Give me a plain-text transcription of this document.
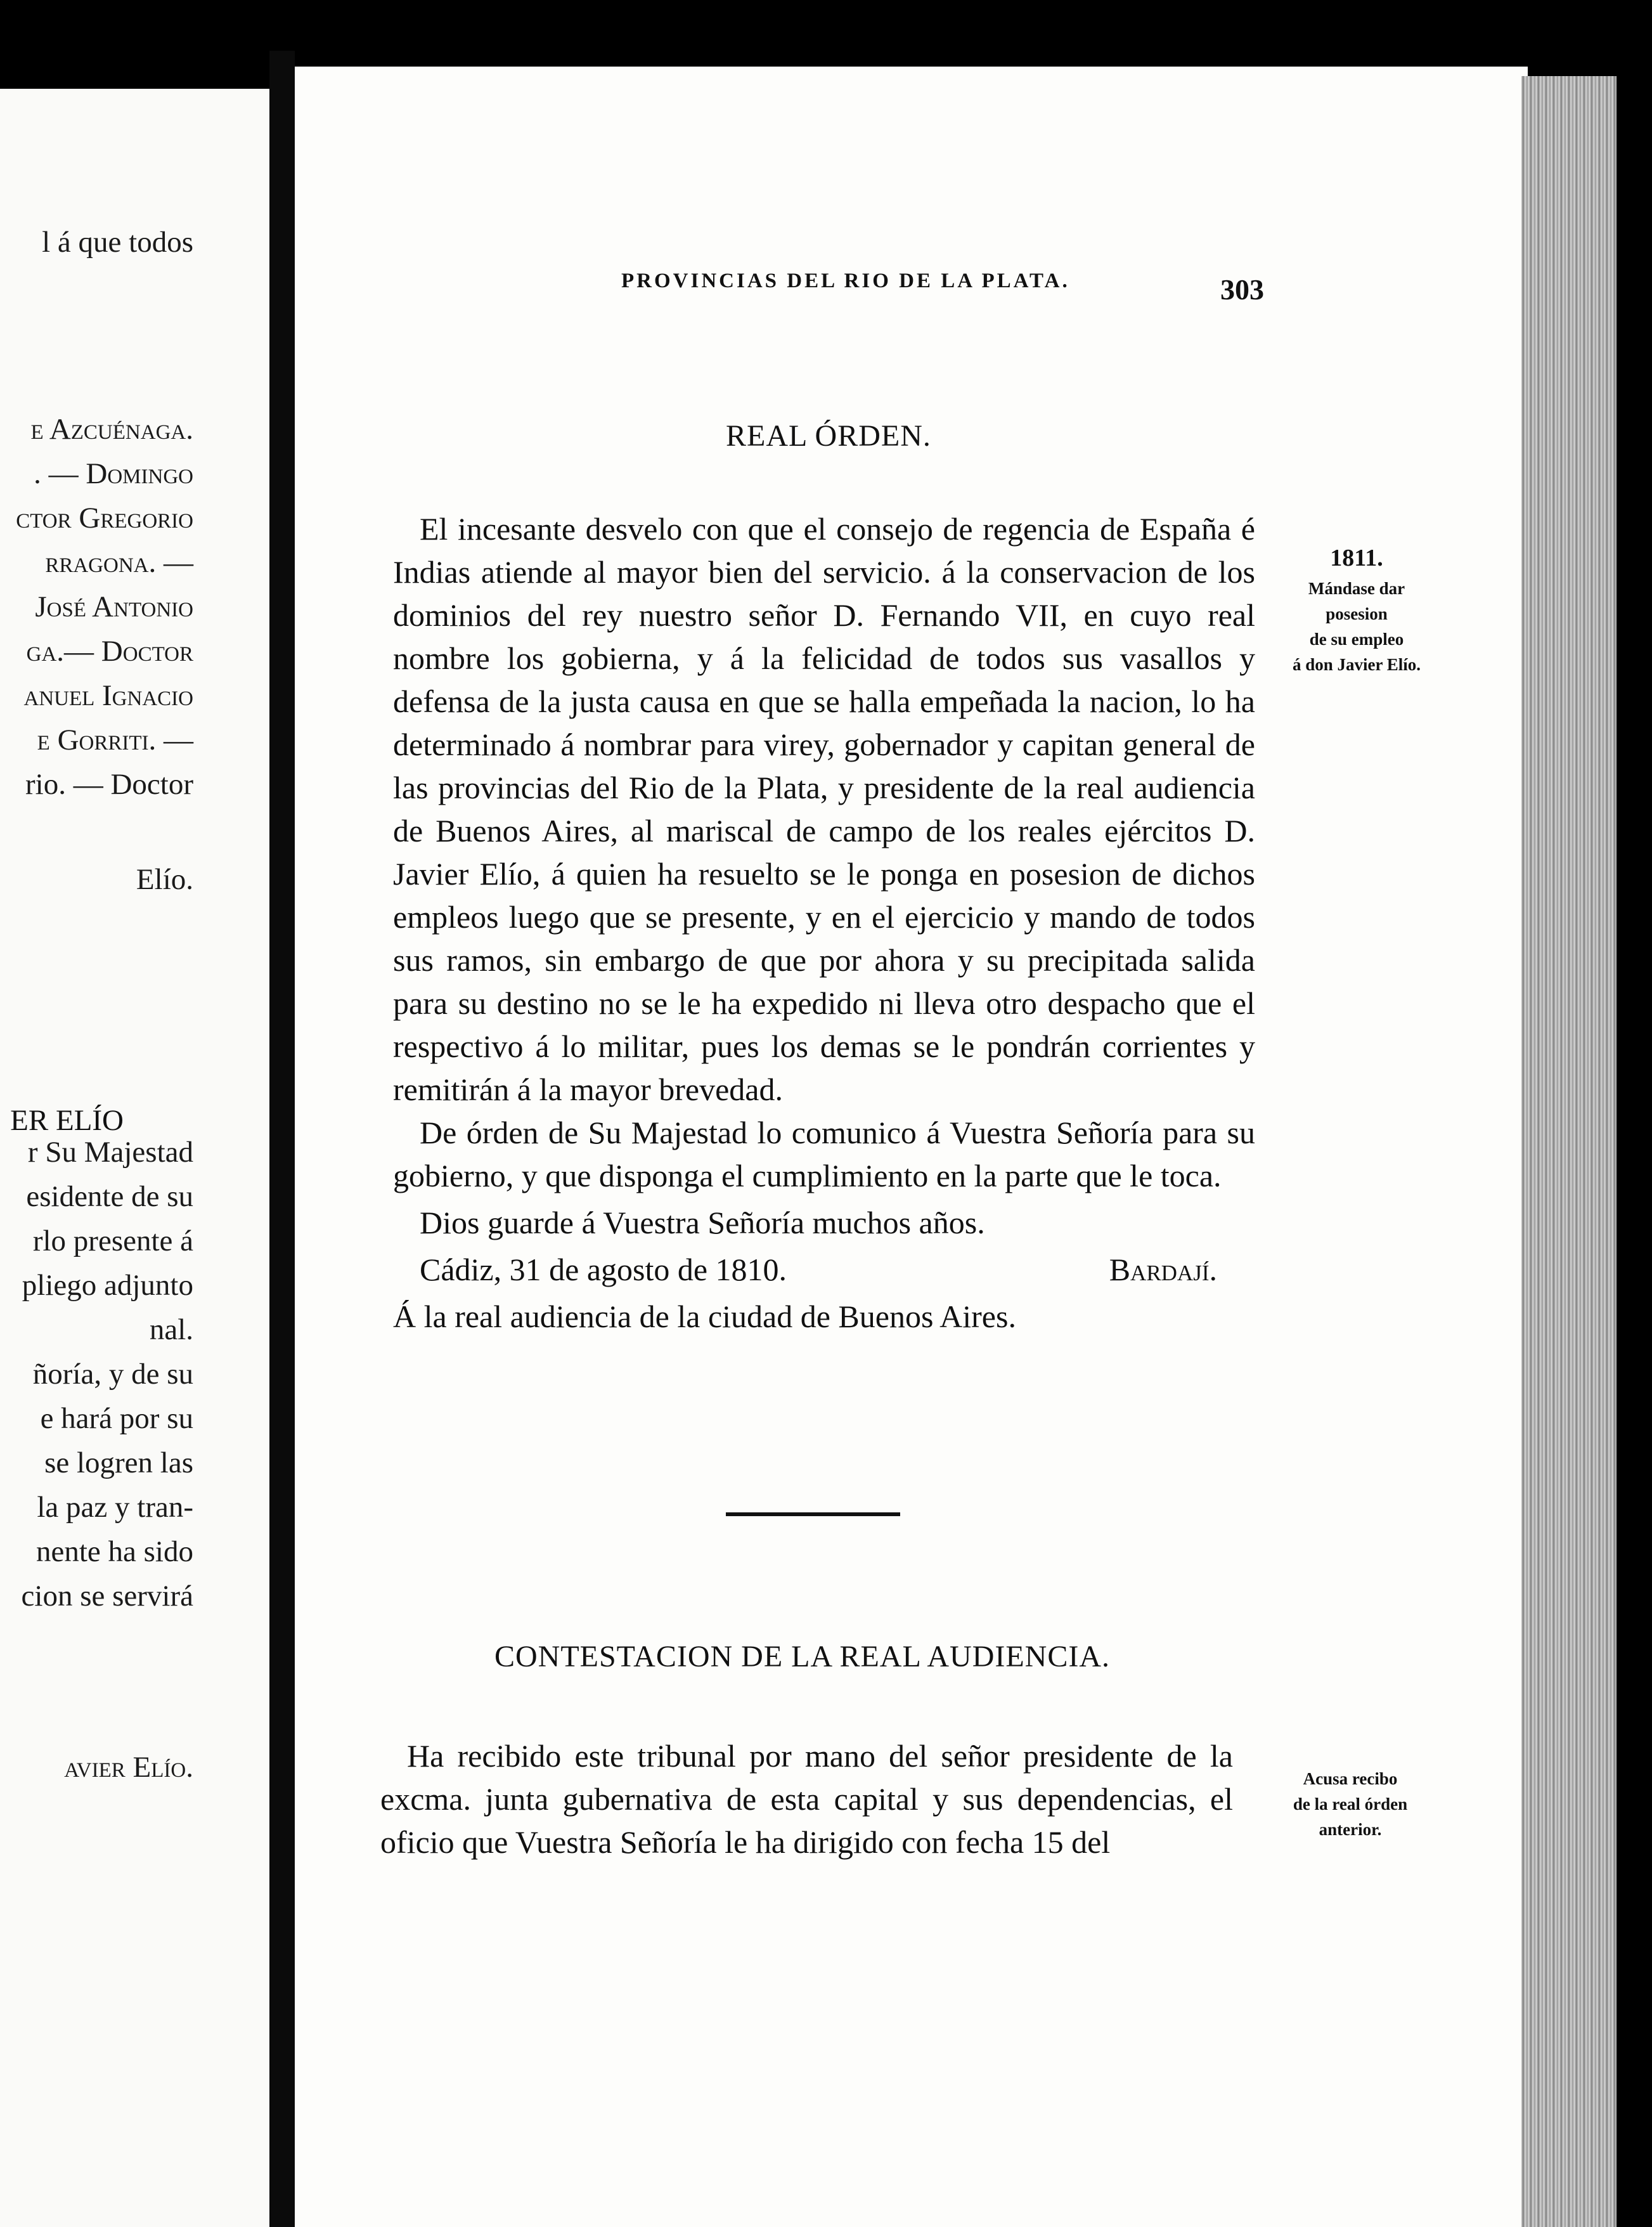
l á que todos
e Azcuénaga.
. — Domingo
ctor Gregorio
rragona. —
José Antonio
ga.— Doctor
anuel Ignacio
e Gorriti. —
rio. — Doctor
Elío.
r Su Majestad
esidente de su
rlo presente á
pliego adjunto
nal.
ñoría, y de su
e hará por su
se logren las
la paz y tran-
nente ha sido
cion se servirá
avier Elío.
ER ELÍO
PROVINCIAS DEL RIO DE LA PLATA.	303
REAL ÓRDEN.

El incesante desvelo con que el consejo de regencia de España é Indias atiende al mayor bien del servicio. á la conservacion de los dominios del rey nuestro señor D. Fernando VII, en cuyo real nombre los gobierna, y á la felicidad de todos sus vasallos y defensa de la justa causa en que se halla empeñada la nacion, lo ha determinado á nombrar para virey, gobernador y capitan general de las provincias del Rio de la Plata, y presidente de la real audiencia de Buenos Aires, al mariscal de campo de los reales ejércitos D. Javier Elío, á quien ha resuelto se le ponga en posesion de dichos empleos luego que se presente, y en el ejercicio y mando de todos sus ramos, sin embargo de que por ahora y su precipitada salida para su destino no se le ha expedido ni lleva otro despacho que el respectivo á lo militar, pues los demas se le pondrán corrientes y remitirán á la mayor brevedad.

De órden de Su Majestad lo comunico á Vuestra Señoría para su gobierno, y que disponga el cumplimiento en la parte que le toca.

Dios guarde á Vuestra Señoría muchos años.

Cádiz, 31 de agosto de 1810.	Bardají.

Á la real audiencia de la ciudad de Buenos Aires.

1811.
Mándase dar
posesion
de su empleo
á don Javier Elío.
CONTESTACION DE LA REAL AUDIENCIA.

Ha recibido este tribunal por mano del señor presidente de la excma. junta gubernativa de esta capital y sus dependencias, el oficio que Vuestra Señoría le ha dirigido con fecha 15 del

Acusa recibo
de la real órden
anterior.
